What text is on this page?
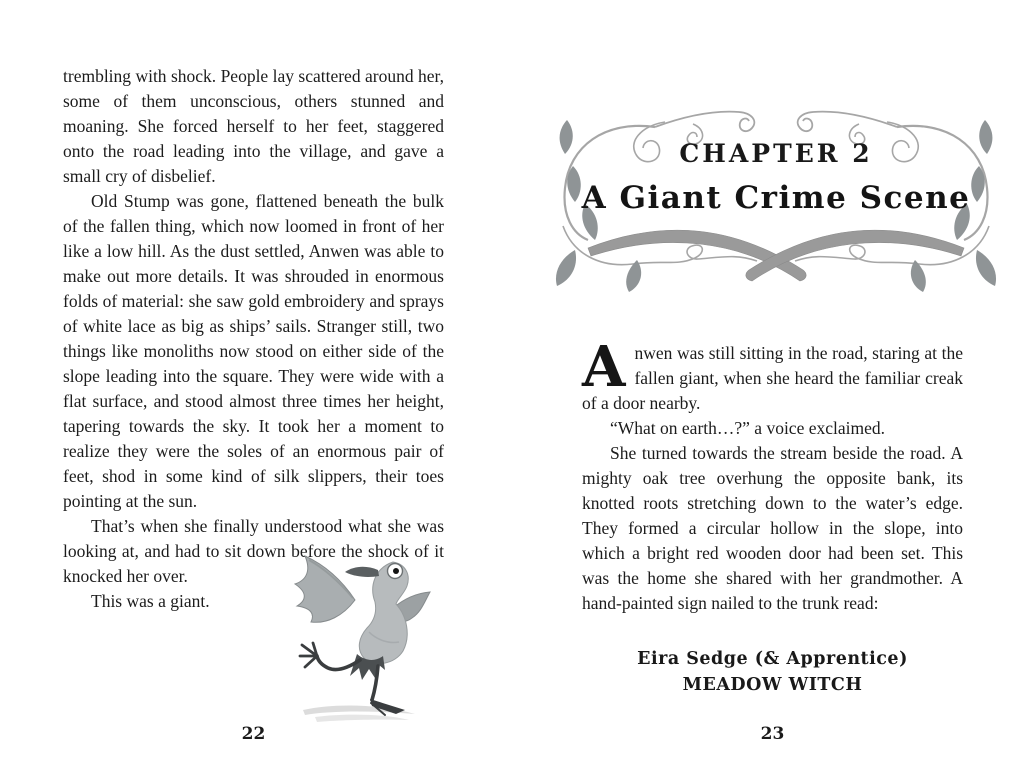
trembling with shock. People lay scattered around her, some of them unconscious, others stunned and moaning. She forced herself to her feet, staggered onto the road leading into the village, and gave a small cry of disbelief.

Old Stump was gone, flattened beneath the bulk of the fallen thing, which now loomed in front of her like a low hill. As the dust settled, Anwen was able to make out more details. It was shrouded in enormous folds of material: she saw gold embroidery and sprays of white lace as big as ships’ sails. Stranger still, two things like monoliths now stood on either side of the slope leading into the square. They were wide with a flat surface, and stood almost three times her height, tapering towards the sky. It took her a moment to realize they were the soles of an enormous pair of feet, shod in some kind of silk slippers, their toes pointing at the sun.

That’s when she finally understood what she was looking at, and had to sit down before the shock of it knocked her over.

This was a giant.

22
CHAPTER 2
A Giant Crime Scene

Anwen was still sitting in the road, staring at the fallen giant, when she heard the familiar creak of a door nearby.

“What on earth…?” a voice exclaimed.

She turned towards the stream beside the road. A mighty oak tree overhung the opposite bank, its knotted roots stretching down to the water’s edge. They formed a circular hollow in the slope, into which a bright red wooden door had been set. This was the home she shared with her grandmother. A hand-painted sign nailed to the trunk read:

Eira Sedge (& Apprentice)
MEADOW WITCH
23
